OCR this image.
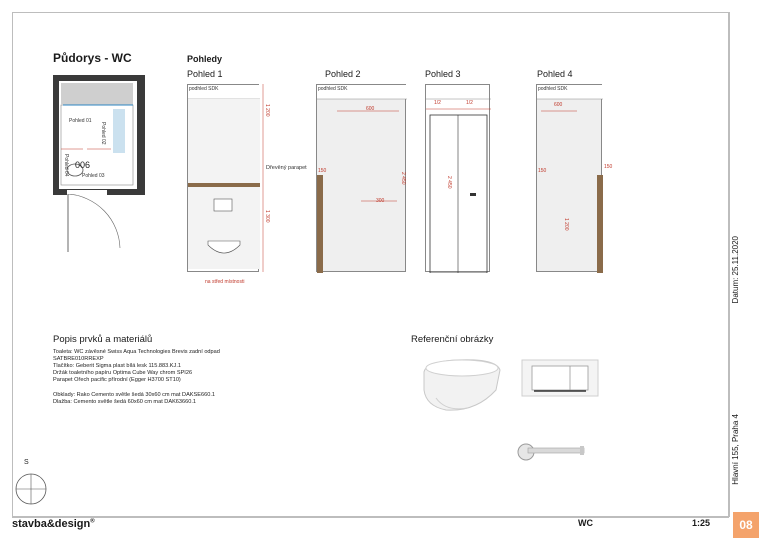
Půdorys - WC
Pohled 01
Pohled 02
Pohled 04	Pohled 03
006
Pohledy
Pohled 1	Pohled 2	Pohled 3	Pohled 4
podhled SDK
Dřevěný parapet
na střed místnosti
1 200
1 300
podhled SDK
600
150
300
2 450
1/2	1/2
2 450
podhled SDK
600
150
150
1 200
Popis prvků a materiálů
Toaleta: WC závěsné Swiss Aqua Technologies Brevis zadní odpad
SATBRE010RREXP
Tlačítko: Geberit Sigma plast bílá lesk 115.883.KJ.1
Držák toaletního papíru Optima Cube Way chrom SPI26
Parapet Ořech pacific přírodní (Egger H3700 ST10)
Obklady: Rako Cemento světle šedá 30x60 cm mat DAKSE660.1
Dlažba: Cemento světle šedá 60x60 cm mat DAK63660.1
Referenční obrázky
S
Datum: 25.11.2020
Hlavní 155, Praha 4
stavba&design®	WC	1:25	08
